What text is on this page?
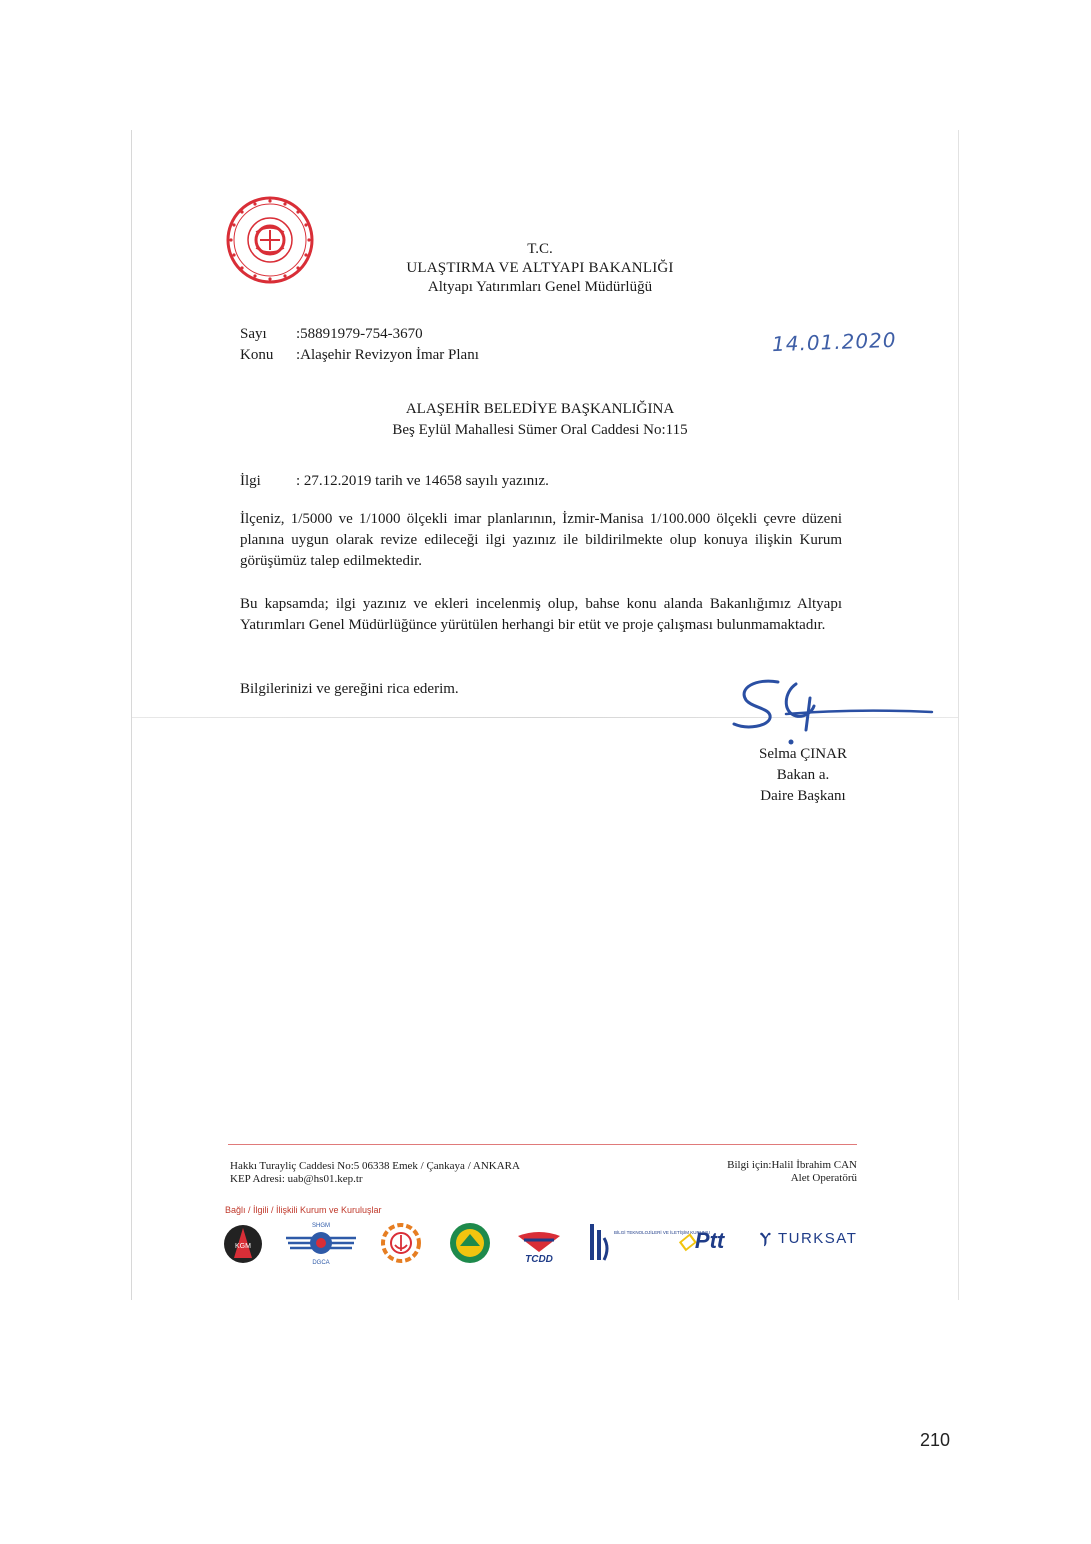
T.C.
ULAŞTIRMA VE ALTYAPI BAKANLIĞI
Altyapı Yatırımları Genel Müdürlüğü
Sayı	:58891979-754-3670
Konu	:Alaşehir Revizyon İmar Planı	14.01.2020
ALAŞEHİR BELEDİYE BAŞKANLIĞINA
Beş Eylül Mahallesi Sümer Oral Caddesi No:115
İlgi	: 27.12.2019 tarih ve 14658 sayılı yazınız.
İlçeniz, 1/5000 ve 1/1000 ölçekli imar planlarının, İzmir-Manisa 1/100.000 ölçekli çevre düzeni planına uygun olarak revize edileceği ilgi yazınız ile bildirilmekte olup konuya ilişkin Kurum görüşümüz talep edilmektedir.
Bu kapsamda; ilgi yazınız ve ekleri incelenmiş olup, bahse konu alanda Bakanlığımız Altyapı Yatırımları Genel Müdürlüğünce yürütülen herhangi bir etüt ve proje çalışması bulunmamaktadır.
Bilgilerinizi ve gereğini rica ederim.
Selma ÇINAR
Bakan a.
Daire Başkanı
Hakkı Turayliç Caddesi No:5 06338 Emek / Çankaya / ANKARA
KEP Adresi: uab@hs01.kep.tr
Bilgi için:Halil İbrahim CAN
Alet Operatörü
Bağlı / İlgili / İlişkili Kurum ve Kuruluşlar
KGM
SHGM
DGCA	TCDD
BİLGİ TEKNOLOJİLERİ VE İLETİŞİM KURUMU
◇Ptt	Ⲩ TURKSAT
210
